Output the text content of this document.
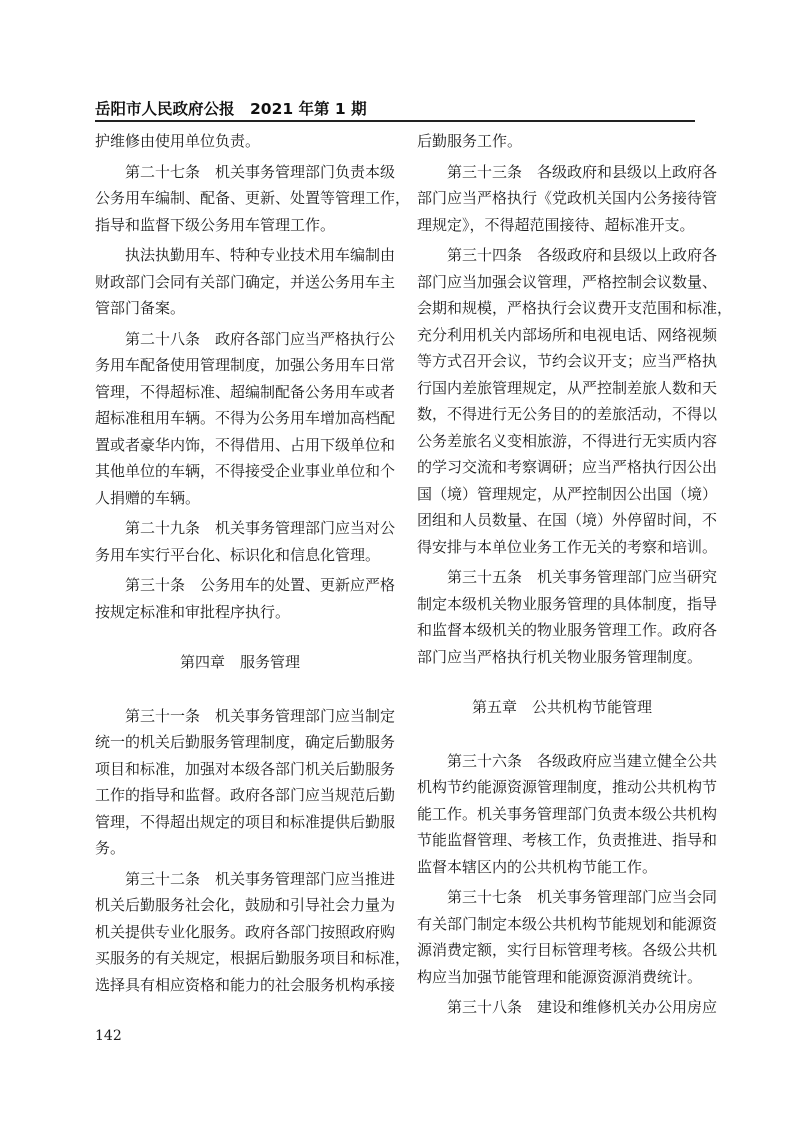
岳阳市人民政府公报　2021 年第 1 期
护维修由使用单位负责。
　　第二十七条　机关事务管理部门负责本级
公务用车编制、配备、更新、处置等管理工作，
指导和监督下级公务用车管理工作。
　　执法执勤用车、特种专业技术用车编制由
财政部门会同有关部门确定，并送公务用车主
管部门备案。
　　第二十八条　政府各部门应当严格执行公
务用车配备使用管理制度，加强公务用车日常
管理，不得超标准、超编制配备公务用车或者
超标准租用车辆。不得为公务用车增加高档配
置或者豪华内饰，不得借用、占用下级单位和
其他单位的车辆，不得接受企业事业单位和个
人捐赠的车辆。
　　第二十九条　机关事务管理部门应当对公
务用车实行平台化、标识化和信息化管理。
　　第三十条　公务用车的处置、更新应严格
按规定标准和审批程序执行。
第四章　服务管理
　　第三十一条　机关事务管理部门应当制定
统一的机关后勤服务管理制度，确定后勤服务
项目和标准，加强对本级各部门机关后勤服务
工作的指导和监督。政府各部门应当规范后勤
管理，不得超出规定的项目和标准提供后勤服
务。
　　第三十二条　机关事务管理部门应当推进
机关后勤服务社会化，鼓励和引导社会力量为
机关提供专业化服务。政府各部门按照政府购
买服务的有关规定，根据后勤服务项目和标准，
选择具有相应资格和能力的社会服务机构承接
后勤服务工作。
　　第三十三条　各级政府和县级以上政府各
部门应当严格执行《党政机关国内公务接待管
理规定》，不得超范围接待、超标准开支。
　　第三十四条　各级政府和县级以上政府各
部门应当加强会议管理，严格控制会议数量、
会期和规模，严格执行会议费开支范围和标准，
充分利用机关内部场所和电视电话、网络视频
等方式召开会议，节约会议开支；应当严格执
行国内差旅管理规定，从严控制差旅人数和天
数，不得进行无公务目的的差旅活动，不得以
公务差旅名义变相旅游，不得进行无实质内容
的学习交流和考察调研；应当严格执行因公出
国（境）管理规定，从严控制因公出国（境）
团组和人员数量、在国（境）外停留时间，不
得安排与本单位业务工作无关的考察和培训。
　　第三十五条　机关事务管理部门应当研究
制定本级机关物业服务管理的具体制度，指导
和监督本级机关的物业服务管理工作。政府各
部门应当严格执行机关物业服务管理制度。
第五章　公共机构节能管理
　　第三十六条　各级政府应当建立健全公共
机构节约能源资源管理制度，推动公共机构节
能工作。机关事务管理部门负责本级公共机构
节能监督管理、考核工作，负责推进、指导和
监督本辖区内的公共机构节能工作。
　　第三十七条　机关事务管理部门应当会同
有关部门制定本级公共机构节能规划和能源资
源消费定额，实行目标管理考核。各级公共机
构应当加强节能管理和能源资源消费统计。
　　第三十八条　建设和维修机关办公用房应
142
